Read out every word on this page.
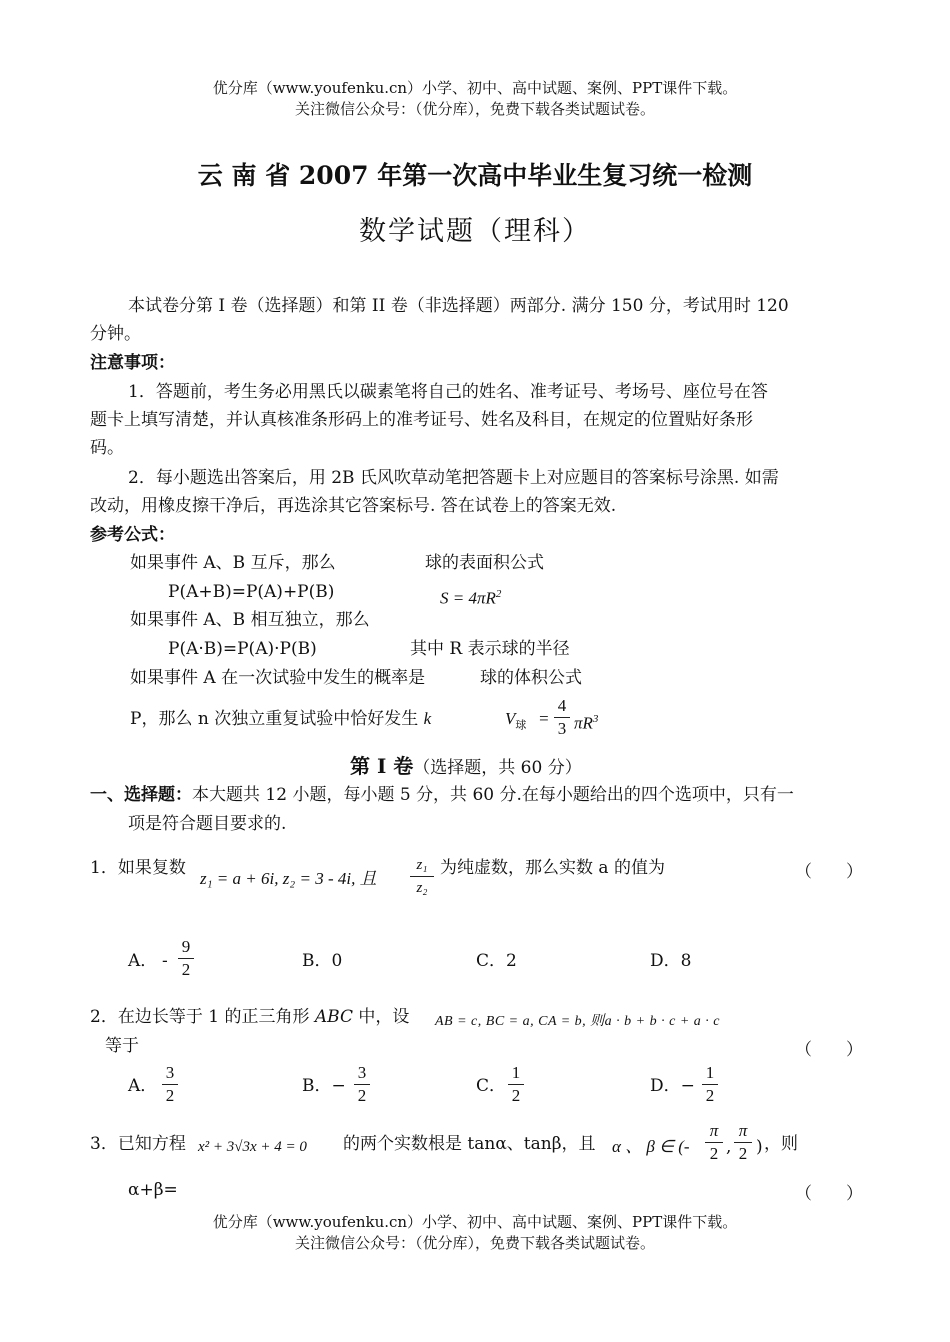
优分库（www.youfenku.cn）小学、初中、高中试题、案例、PPT课件下载。
关注微信公众号：（优分库），免费下载各类试题试卷。
云 南 省 2007 年第一次高中毕业生复习统一检测
数学试题（理科）
本试卷分第 I 卷（选择题）和第 II 卷（非选择题）两部分. 满分 150 分，考试用时 120
分钟。
注意事项：
1．答题前，考生务必用黑氏以碳素笔将自己的姓名、准考证号、考场号、座位号在答
题卡上填写清楚，并认真核准条形码上的准考证号、姓名及科目，在规定的位置贴好条形
码。
2．每小题选出答案后，用 2B 氏风吹草动笔把答题卡上对应题目的答案标号涂黑. 如需
改动，用橡皮擦干净后，再选涂其它答案标号. 答在试卷上的答案无效.
参考公式：
如果事件 A、B 互斥，那么	球的表面积公式
P(A+B)=P(A)+P(B)	$S = 4\pi R^2$
如果事件 A、B 相互独立，那么
P(A·B)=P(A)·P(B)	其中 R 表示球的半径
如果事件 A 在一次试验中发生的概率是	球的体积公式
P，那么 n 次独立重复试验中恰好发生 k	$V_球$ =
4
3 $\pi R^3$
第 I 卷（选择题，共 60 分）
一、选择题：本大题共 12 小题，每小题 5 分，共 60 分.在每小题给出的四个选项中，只有一
项是符合题目要求的.
1．如果复数
z₁ = a + 6i, z₂ = 3 - 4i, 且
z₁
z₂
为纯虚数，那么实数 a 的值为	（　　）
A． -
9
2	B．0	C．2	D．8
2．在边长等于 1 的正三角形 ABC 中，设 AB = c, BC = a, CA = b, 则a · b + b · c + a · c
等于	（　　）
A．
3
2	B．−
3
2	C．
1
2	D．−
1
2
3．已知方程 x² + 3√3x + 4 = 0 的两个实数根是 tanα、tanβ，且 α 、 β ∈ (-
π
2 ,
π
2 ) ，则
α+β=	（　　）
优分库（www.youfenku.cn）小学、初中、高中试题、案例、PPT课件下载。
关注微信公众号：（优分库），免费下载各类试题试卷。
